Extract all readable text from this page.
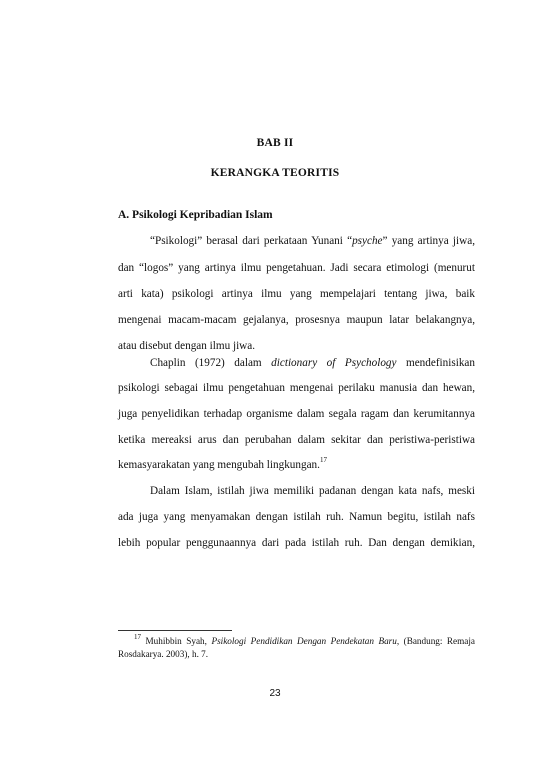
BAB II
KERANGKA TEORITIS
A. Psikologi Kepribadian Islam
“Psikologi” berasal dari perkataan Yunani “psyche” yang artinya jiwa,
dan “logos” yang artinya ilmu pengetahuan. Jadi secara etimologi (menurut
arti kata) psikologi artinya ilmu yang mempelajari tentang jiwa, baik
mengenai macam-macam gejalanya, prosesnya maupun latar belakangnya,
atau disebut dengan ilmu jiwa.
Chaplin (1972) dalam dictionary of Psychology mendefinisikan
psikologi sebagai ilmu pengetahuan mengenai perilaku manusia dan hewan,
juga penyelidikan terhadap organisme dalam segala ragam dan kerumitannya
ketika mereaksi arus dan perubahan dalam sekitar dan peristiwa-peristiwa
kemasyarakatan yang mengubah lingkungan.$^{17}$
Dalam Islam, istilah jiwa memiliki padanan dengan kata nafs, meski
ada juga yang menyamakan dengan istilah ruh. Namun begitu, istilah nafs
lebih popular penggunaannya dari pada istilah ruh. Dan dengan demikian,
$^{17}$ Muhibbin Syah, Psikologi Pendidikan Dengan Pendekatan Baru, (Bandung: Remaja
Rosdakarya. 2003), h. 7.
23
